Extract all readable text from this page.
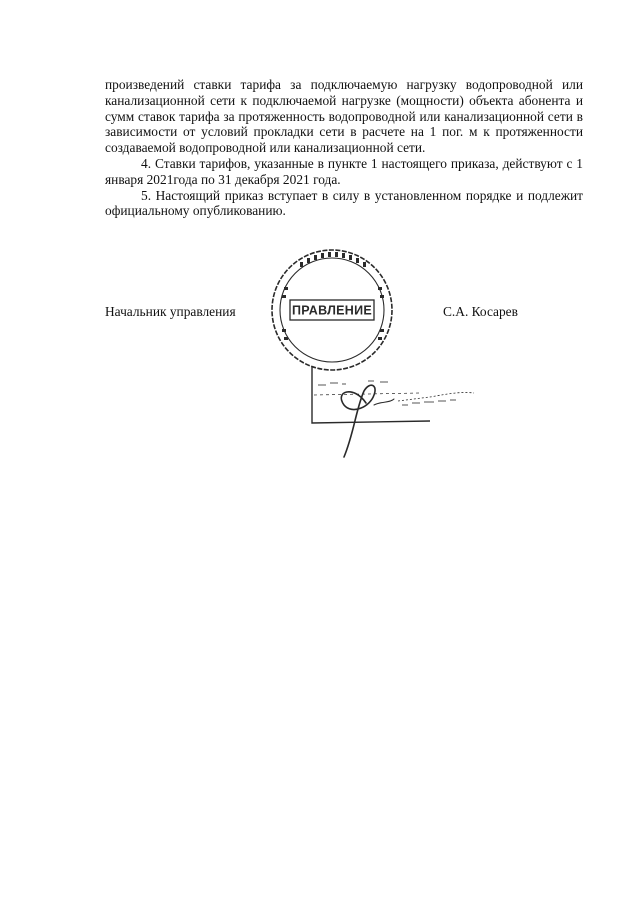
произведений ставки тарифа за подключаемую нагрузку водопроводной или канализационной сети к подключаемой нагрузке (мощности) объекта абонента и сумм ставок тарифа за протяженность водопроводной или канализационной сети в зависимости от условий прокладки сети в расчете на 1 пог. м к протяженности создаваемой водопроводной или канализационной сети.

4. Ставки тарифов, указанные в пункте 1 настоящего приказа, действуют с 1 января 2021года по 31 декабря 2021 года.

5. Настоящий приказ вступает в силу в установленном порядке и подлежит официальному опубликованию.

Начальник управления	С.А. Косарев
ПРАВЛЕНИЕ
